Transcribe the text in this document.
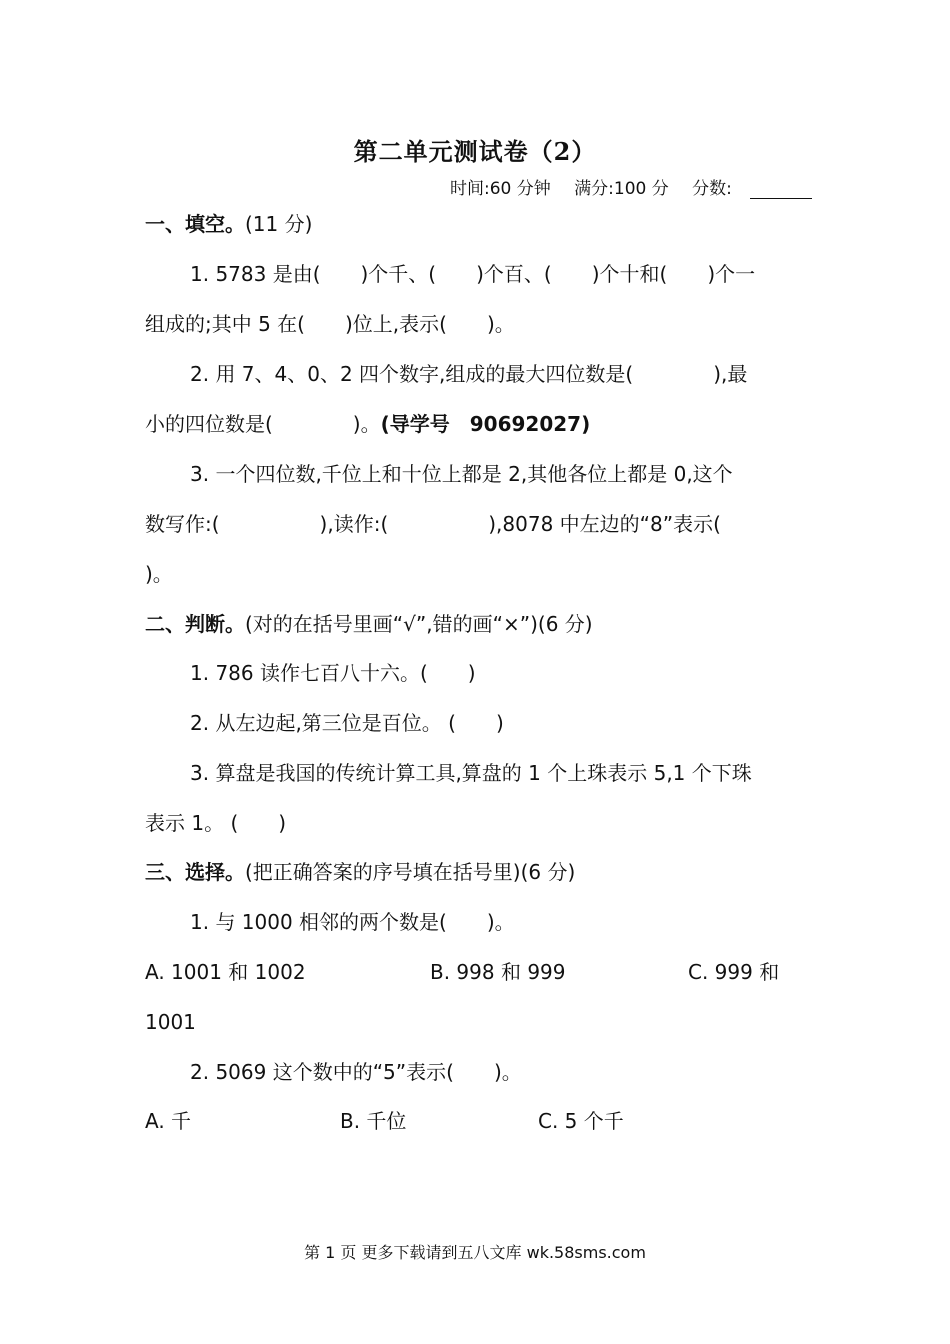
第二单元测试卷（2）
时间:60 分钟 满分:100 分 分数:
一、填空。(11 分)
1. 5783 是由(　　)个千、(　　)个百、(　　)个十和(　　)个一
组成的;其中 5 在(　　)位上,表示(　　)。
2. 用 7、4、0、2 四个数字,组成的最大四位数是(　　　　),最
小的四位数是(　　　　)。(导学号　90692027)
3. 一个四位数,千位上和十位上都是 2,其他各位上都是 0,这个
数写作:(　　　　　),读作:(　　　　　),8078 中左边的“8”表示(
)。
二、判断。(对的在括号里画“√”,错的画“×”)(6 分)
1. 786 读作七百八十六。(　　)
2. 从左边起,第三位是百位。 (　　)
3. 算盘是我国的传统计算工具,算盘的 1 个上珠表示 5,1 个下珠
表示 1。 (　　)
三、选择。(把正确答案的序号填在括号里)(6 分)
1. 与 1000 相邻的两个数是(　　)。
A. 1001 和 1002	B. 998 和 999	C. 999 和
1001
2. 5069 这个数中的“5”表示(　　)。
A. 千	B. 千位	C. 5 个千
第 1 页 更多下载请到五八文库 wk.58sms.com
